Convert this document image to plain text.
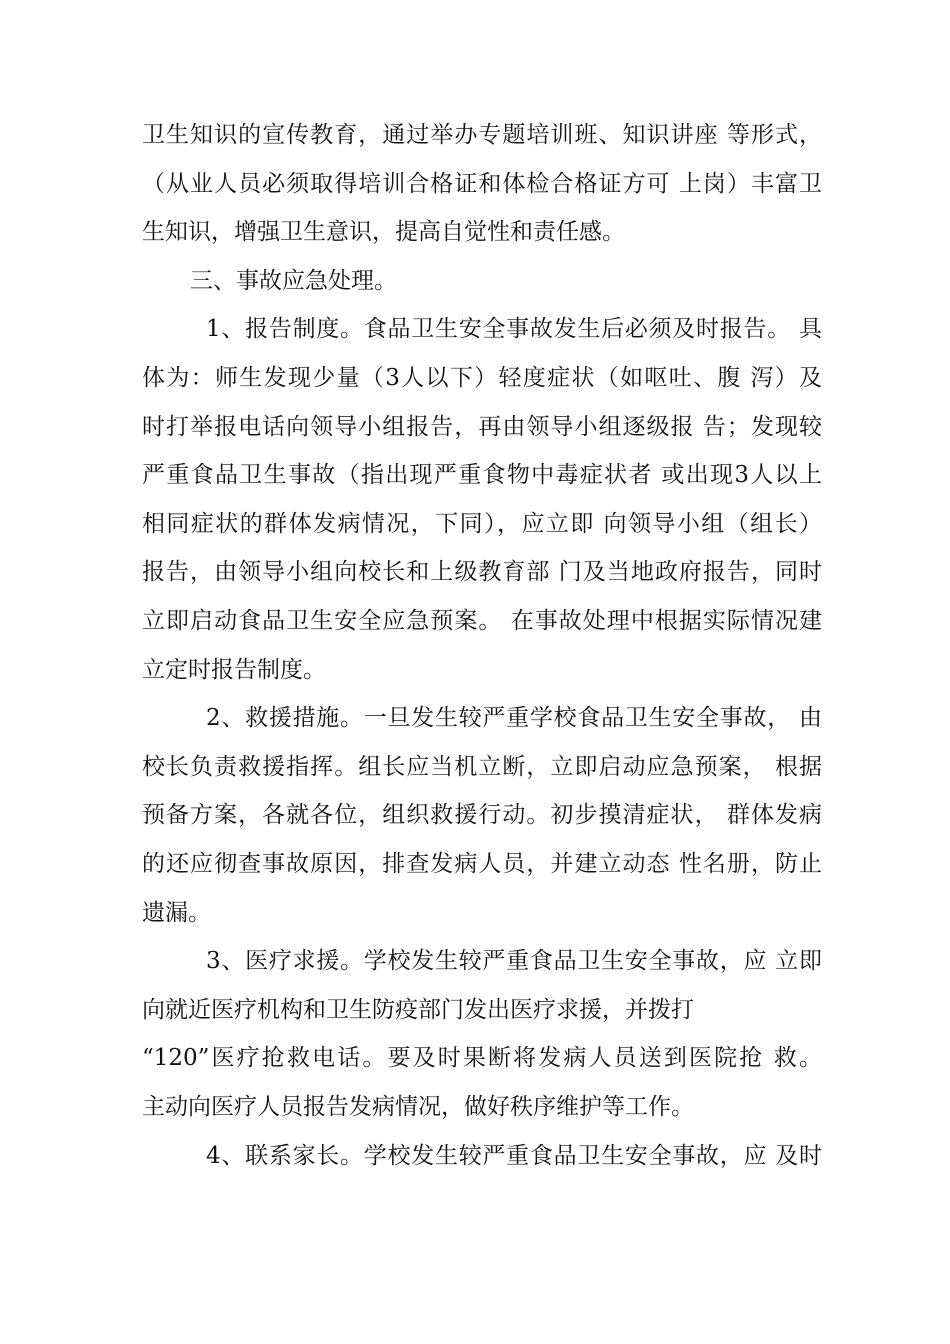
卫生知识的宣传教育，通过举办专题培训班、知识讲座 等形式，
（从业人员必须取得培训合格证和体检合格证方可 上岗）丰富卫
生知识，增强卫生意识，提高自觉性和责任感。
三、事故应急处理。
1、报告制度。食品卫生安全事故发生后必须及时报告。 具
体为：师生发现少量（3人以下）轻度症状（如呕吐、腹 泻）及
时打举报电话向领导小组报告，再由领导小组逐级报 告；发现较
严重食品卫生事故（指出现严重食物中毒症状者 或出现3人以上
相同症状的群体发病情况，下同），应立即 向领导小组（组长）
报告，由领导小组向校长和上级教育部 门及当地政府报告，同时
立即启动食品卫生安全应急预案。 在事故处理中根据实际情况建
立定时报告制度。
2、救援措施。一旦发生较严重学校食品卫生安全事故， 由
校长负责救援指挥。组长应当机立断，立即启动应急预案， 根据
预备方案，各就各位，组织救援行动。初步摸清症状， 群体发病
的还应彻查事故原因，排查发病人员，并建立动态 性名册，防止
遗漏。
3、医疗求援。学校发生较严重食品卫生安全事故，应 立即
向就近医疗机构和卫生防疫部门发出医疗求援，并拨打
“120”医疗抢救电话。要及时果断将发病人员送到医院抢 救。
主动向医疗人员报告发病情况，做好秩序维护等工作。
4、联系家长。学校发生较严重食品卫生安全事故，应 及时
